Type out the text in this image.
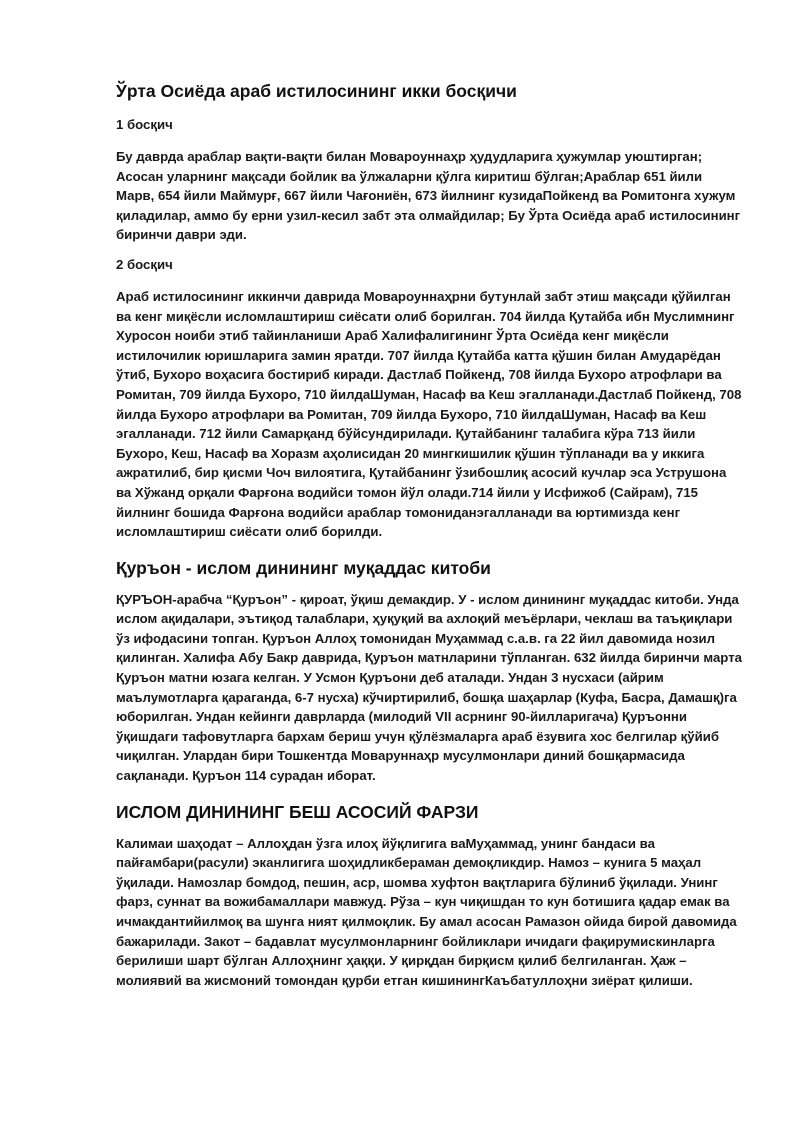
Ўрта Осиёда араб истилосининг икки босқичи
1 босқич

Бу даврда араблар вақти-вақти билан Мовароуннаҳр ҳудудларига ҳужумлар уюштирган; Асосан уларнинг мақсади бойлик ва ўлжаларни қўлга киритиш бўлган;Араблар 651 йили Марв, 654 йили Маймурғ, 667 йили Чағониён, 673 йилнинг кузидаПойкенд ва Ромитонга хужум қиладилар, аммо бу ерни узил-кесил забт эта олмайдилар; Бу Ўрта Осиёда араб истилосининг биринчи даври эди.

2 босқич

Араб истилосининг иккинчи даврида Мовароуннаҳрни бутунлай забт этиш мақсади қўйилган ва кенг миқёсли исломлаштириш сиёсати олиб борилган. 704 йилда Қутайба ибн Муслимнинг Хуросон ноиби этиб тайинланиши Араб Халифалигининг Ўрта Осиёда кенг миқёсли истилочилик юришларига замин яратди. 707 йилда Қутайба катта қўшин билан Амударёдан ўтиб, Бухоро воҳасига бостириб киради. Дастлаб Пойкенд, 708 йилда Бухоро атрофлари ва Ромитан, 709 йилда Бухоро, 710 йилдаШуман, Насаф ва Кеш эгалланади.Дастлаб Пойкенд, 708 йилда Бухоро атрофлари ва Ромитан, 709 йилда Бухоро, 710 йилдаШуман, Насаф ва Кеш эгалланади. 712 йили Самарқанд бўйсундирилади. Қутайбанинг талабига кўра 713 йили Бухоро, Кеш, Насаф ва Хоразм аҳолисидан 20 мингкишилик қўшин тўпланади ва у иккига ажратилиб, бир қисми Чоч вилоятига, Қутайбанинг ўзибошлиқ асосий кучлар эса Уструшона ва Хўжанд орқали Фарғона водийси томон йўл олади.714 йили у Исфижоб (Сайрам), 715 йилнинг бошида Фарғона водийси араблар томониданэгалланади ва юртимизда кенг исломлаштириш сиёсати олиб борилди.

Қуръон - ислом динининг муқаддас китоби

ҚУРЪОН-арабча “Қуръон” - қироат, ўқиш демакдир. У - ислом динининг муқаддас китоби. Унда ислом ақидалари, эътиқод талаблари, ҳуқуқий ва ахлоқий меъёрлари, чеклаш ва таъқиқлари ўз ифодасини топган. Қуръон Аллоҳ томонидан Муҳаммад с.а.в. га 22 йил давомида нозил қилинган. Халифа Абу Бакр даврида, Қуръон матнларини тўпланган. 632 йилда биринчи марта Қуръон матни юзага келган. У Усмон Қуръони деб аталади. Ундан 3 нусхаси (айрим маълумотларга қараганда, 6-7 нусха) кўчиртирилиб, бошқа шаҳарлар (Куфа, Басра, Дамашқ)га юборилган. Ундан кейинги даврларда (милодий VII асрнинг 90-йилларигача) Қуръонни ўқишдаги тафовутларга бархам бериш учун қўлёзмаларга араб ёзувига хос белгилар қўйиб чиқилган. Улардан бири Тошкентда Моваруннаҳр мусулмонлари диний бошқармасида сақланади. Қуръон 114 сурадан иборат.

ИСЛОМ ДИНИНИНГ БЕШ АСОСИЙ ФАРЗИ

Калимаи шаҳодат – Аллоҳдан ўзга илоҳ йўқлигига ваМуҳаммад, унинг бандаси ва пайғамбари(расули) эканлигига шоҳидликбераман демоқликдир. Намоз – кунига 5 маҳал ўқилади. Намозлар бомдод, пешин, аср, шомва хуфтон вақтларига бўлиниб ўқилади. Унинг фарз, суннат ва вожибамаллари мавжуд. Рўза – кун чиқишдан то кун ботишига қадар емак ва ичмакдантийилмоқ ва шунга ният қилмоқлик. Бу амал асосан Рамазон ойида бирой давомида бажарилади. Закот – бадавлат мусулмонларнинг бойликлари ичидаги фақирумискинларга берилиши шарт бўлган Аллоҳнинг ҳаққи. У қирқдан бирқисм қилиб белгиланган. Ҳаж – молиявий ва жисмоний томондан қурби етган кишинингКаъбатуллоҳни зиёрат қилиши.
